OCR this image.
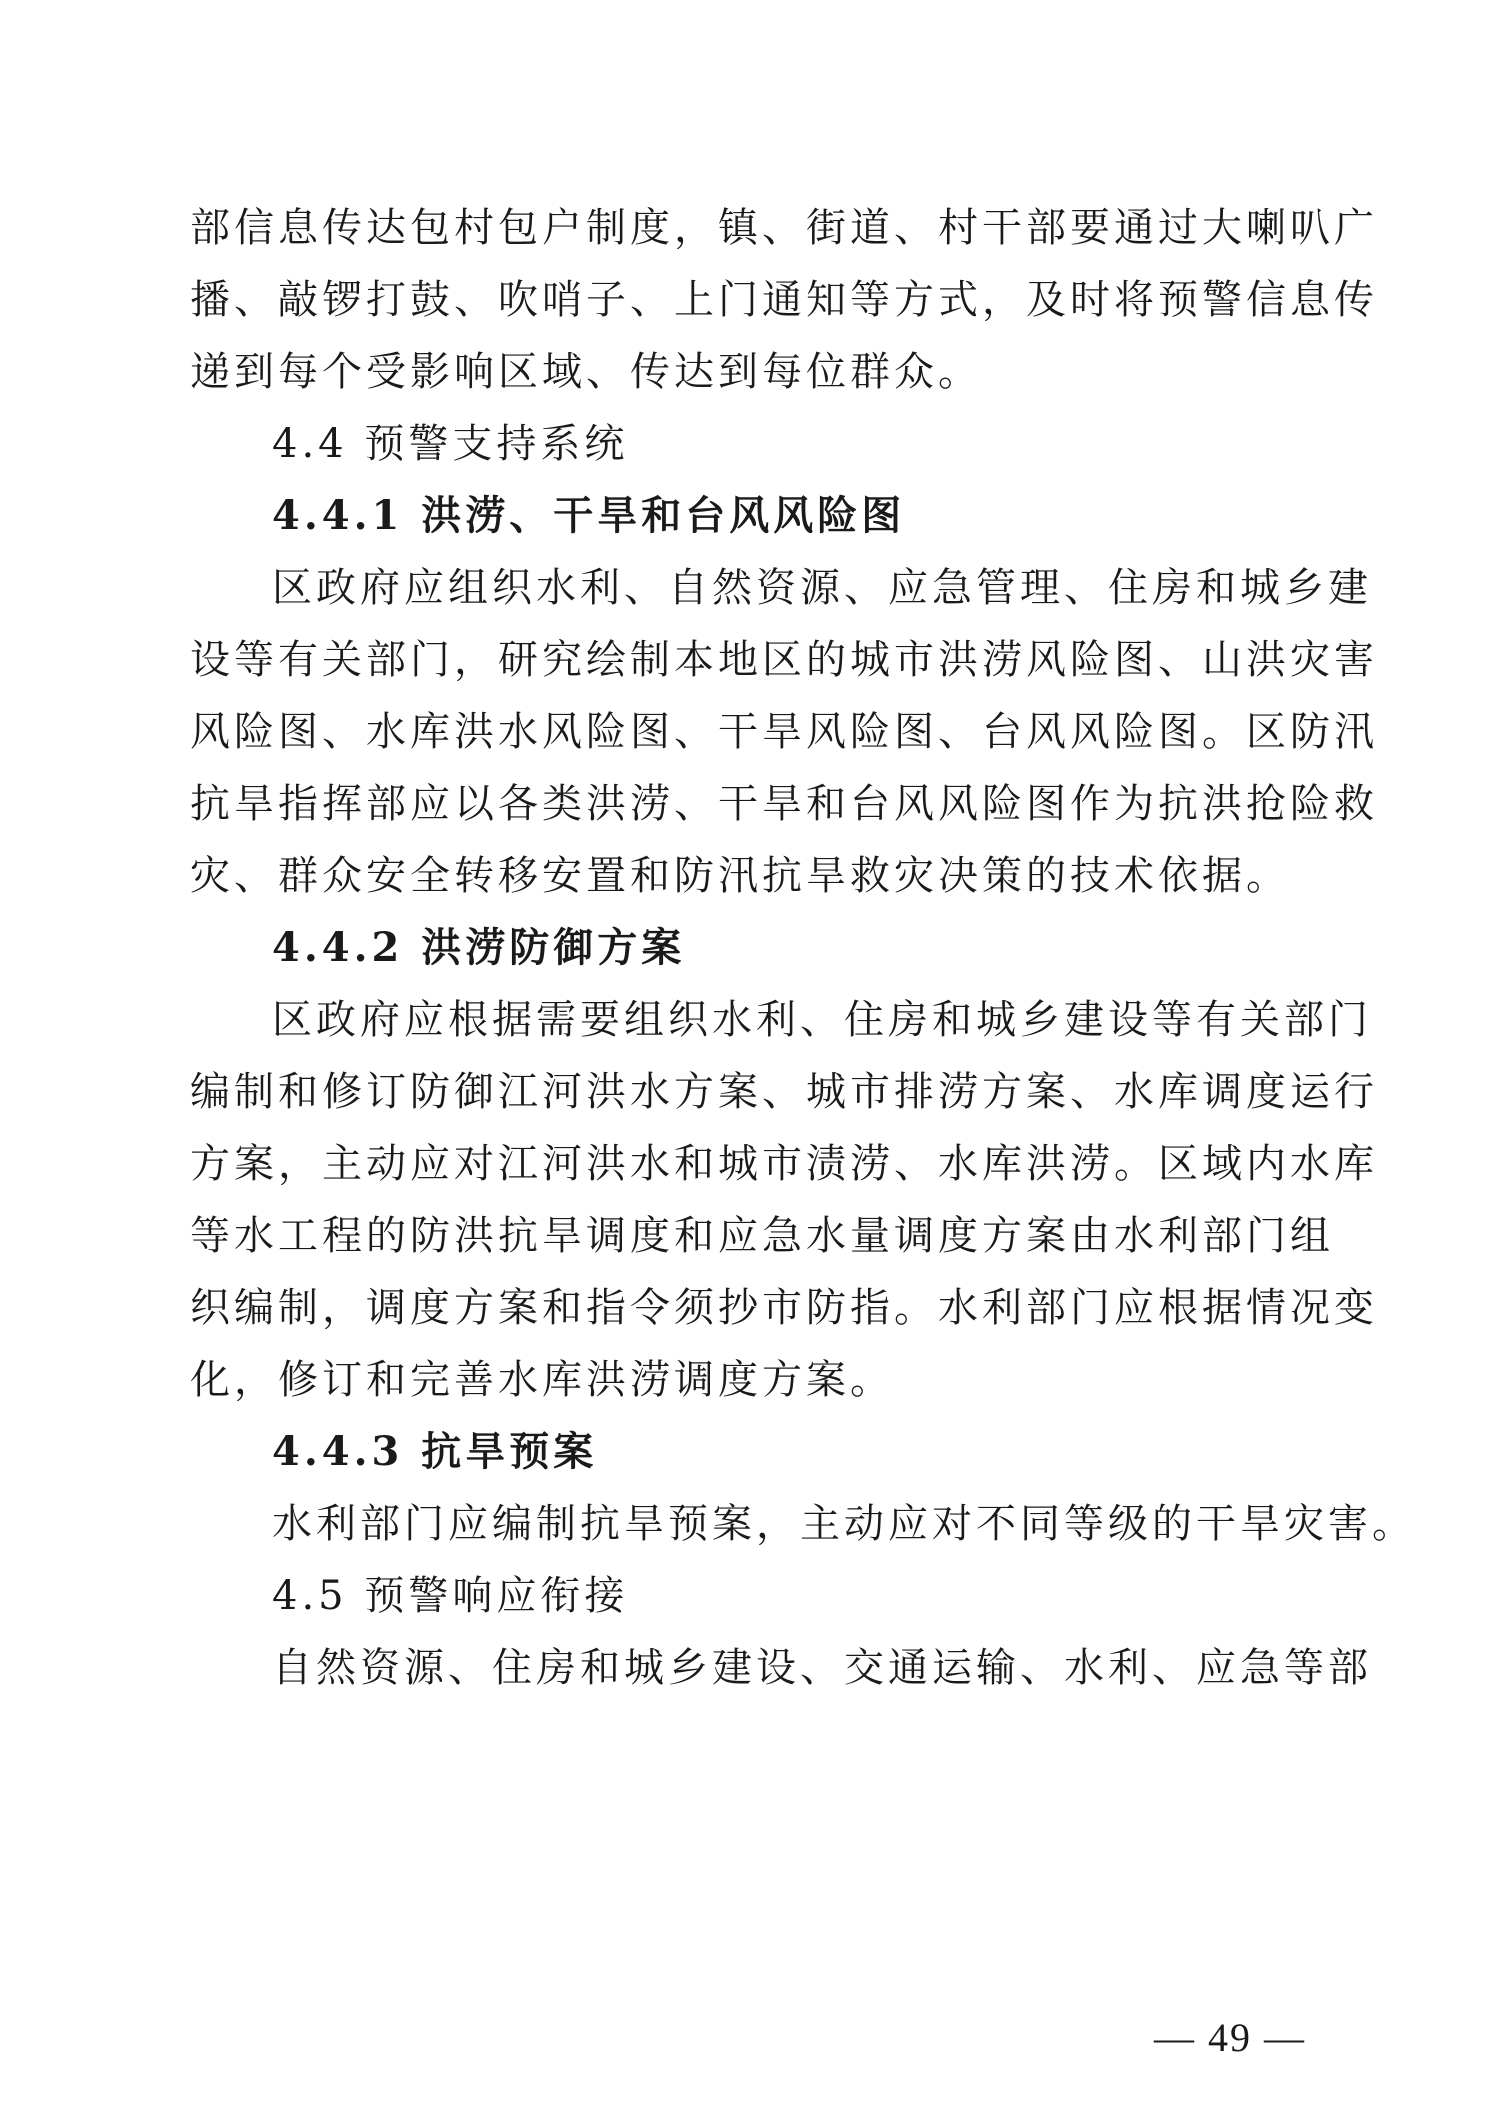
部信息传达包村包户制度，镇、街道、村干部要通过大喇叭广
播、敲锣打鼓、吹哨子、上门通知等方式，及时将预警信息传
递到每个受影响区域、传达到每位群众。
4.4 预警支持系统
4.4.1 洪涝、干旱和台风风险图
区政府应组织水利、自然资源、应急管理、住房和城乡建
设等有关部门，研究绘制本地区的城市洪涝风险图、山洪灾害
风险图、水库洪水风险图、干旱风险图、台风风险图。区防汛
抗旱指挥部应以各类洪涝、干旱和台风风险图作为抗洪抢险救
灾、群众安全转移安置和防汛抗旱救灾决策的技术依据。
4.4.2 洪涝防御方案
区政府应根据需要组织水利、住房和城乡建设等有关部门
编制和修订防御江河洪水方案、城市排涝方案、水库调度运行
方案，主动应对江河洪水和城市渍涝、水库洪涝。区域内水库
等水工程的防洪抗旱调度和应急水量调度方案由水利部门组
织编制，调度方案和指令须抄市防指。水利部门应根据情况变
化，修订和完善水库洪涝调度方案。
4.4.3 抗旱预案
水利部门应编制抗旱预案，主动应对不同等级的干旱灾害。
4.5 预警响应衔接
自然资源、住房和城乡建设、交通运输、水利、应急等部
— 49 —
